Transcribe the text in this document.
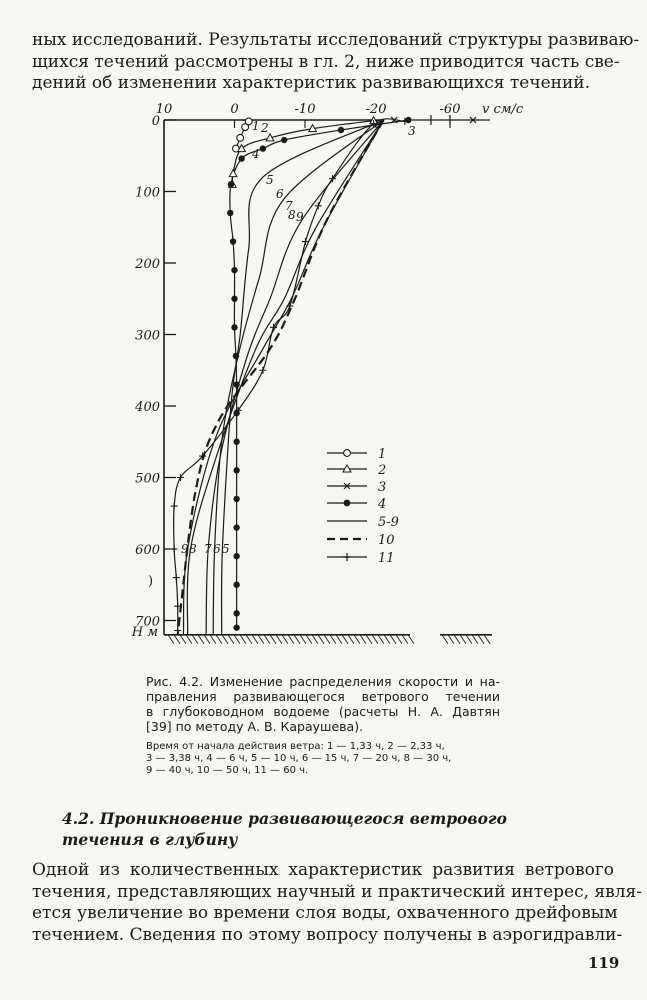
ных исследований. Результаты исследований структуры развиваю-
щихся течений рассмотрены в гл. 2, ниже приводится часть све-
дений об изменении характеристик развивающихся течений.
0
100
200
300
400
500
600
700
H м
10	0	-10	-20	-60 v см/с
1 2	3
4
5
6
7
8 9
9 8 7 6 5
)
1
2
3
4
5-9
10
11
Рис. 4.2. Изменение распределения скорости и на-
правления развивающегося ветрового течении
в глубоководном водоеме (расчеты Н. А. Давтян
[39] по методу А. В. Караушева).
Время от начала действия ветра: 1 — 1,33 ч, 2 — 2,33 ч,
3 — 3,38 ч, 4 — 6 ч, 5 — 10 ч, 6 — 15 ч, 7 — 20 ч, 8 — 30 ч,
9 — 40 ч, 10 — 50 ч, 11 — 60 ч.
4.2. Проникновение развивающегося ветрового
течения в глубину
Одной из количественных характеристик развития ветрового
течения, представляющих научный и практический интерес, явля-
ется увеличение во времени слоя воды, охваченного дрейфовым
течением. Сведения по этому вопросу получены в аэрогидравли-
119
